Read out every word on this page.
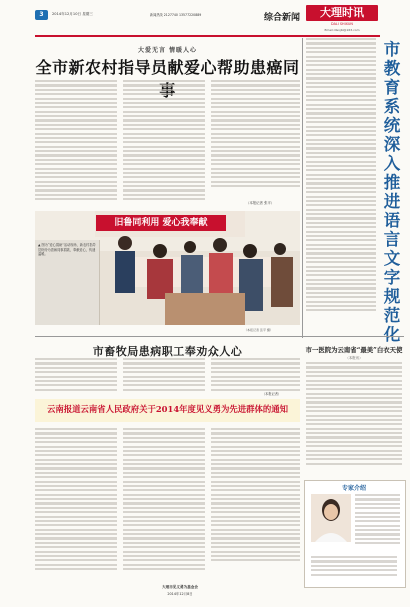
3	2014年12月10日 星期三	新闻热线 2127740 13577220889	综合新闻	大理时讯
DALI SHIXUN
Email:dlsxjbl@163.com
大爱无言 情暖人心
全市新农村指导员献爱心帮助患癌同
（本报记者 张平）
▲ 图为“爱心捐助”活动现场，新农村指导员纷纷为患病同事捐款，奉献爱心，传递温暖。
旧鲁同利用 爱心我奉献
（本报记者 张平 摄）
市教育系统深入推进语言文字规范化
市畜牧局患病职工奉劝众人心
（本报记者）
市一医院为云南省“最美”白衣天使
（本报讯）
云南报道云南省人民政府关于2014年度见义勇为先进群体的通知
大理市见义勇为基金会
2014年12月8日
专家介绍
